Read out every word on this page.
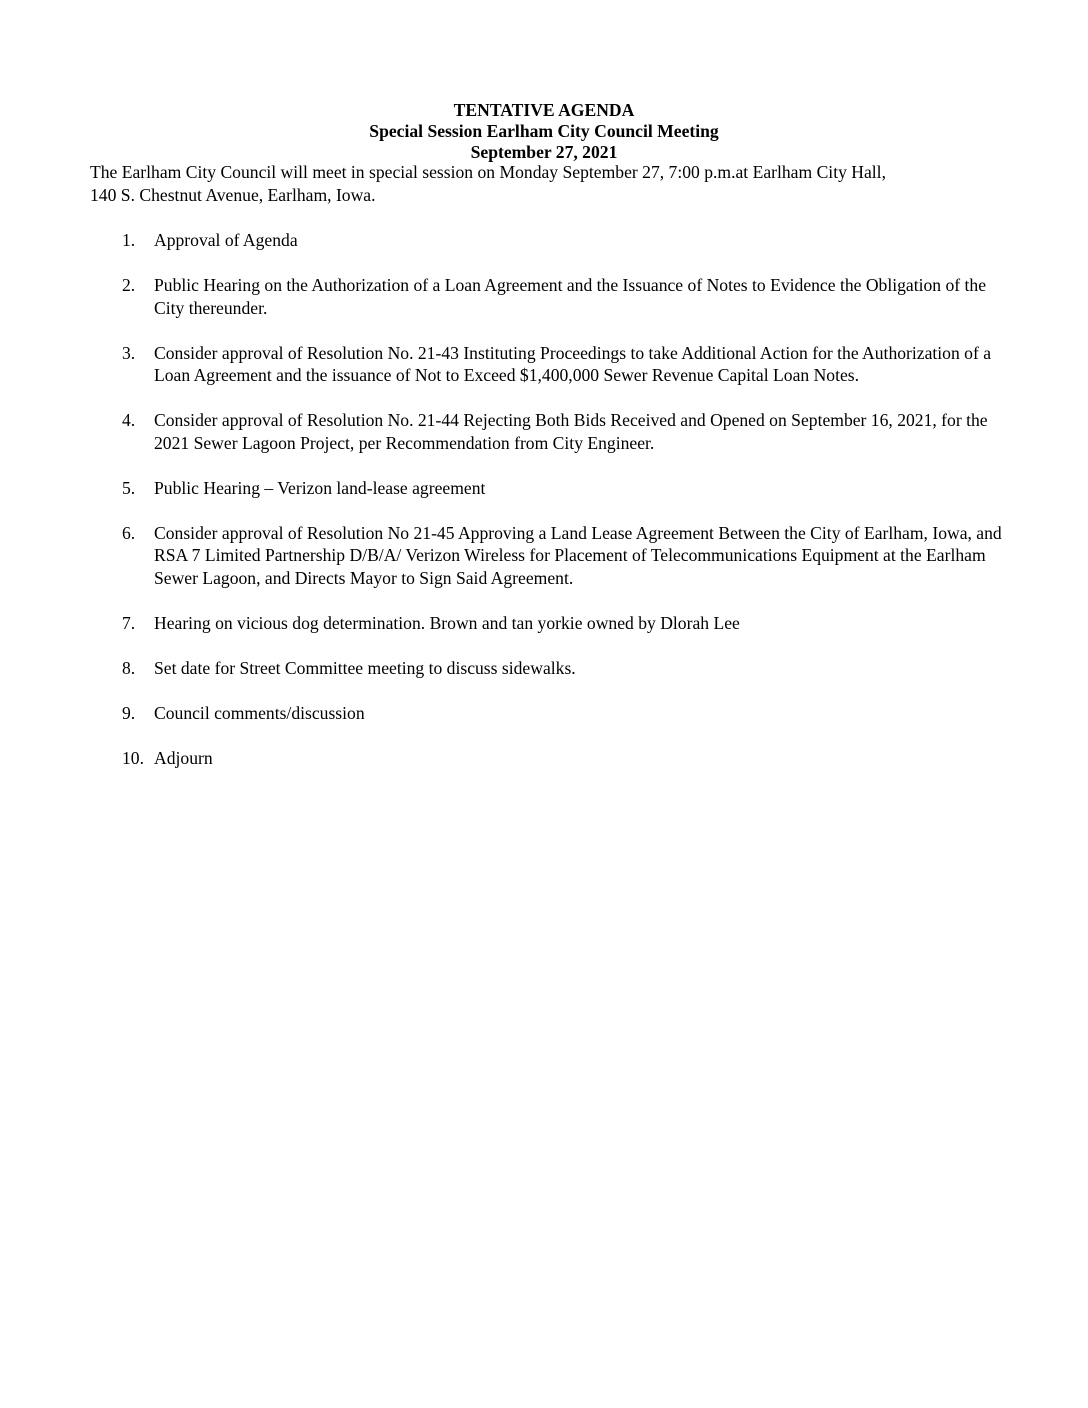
TENTATIVE AGENDA
Special Session Earlham City Council Meeting
September 27, 2021
The Earlham City Council will meet in special session on Monday September 27, 7:00 p.m.at Earlham City Hall,
140 S. Chestnut Avenue, Earlham, Iowa.
1. Approval of Agenda
2. Public Hearing on the Authorization of a Loan Agreement and the Issuance of Notes to Evidence the Obligation of the City thereunder.
3. Consider approval of Resolution No. 21-43 Instituting Proceedings to take Additional Action for the Authorization of a Loan Agreement and the issuance of Not to Exceed $1,400,000 Sewer Revenue Capital Loan Notes.
4. Consider approval of Resolution No. 21-44 Rejecting Both Bids Received and Opened on September 16, 2021, for the 2021 Sewer Lagoon Project, per Recommendation from City Engineer.
5. Public Hearing – Verizon land-lease agreement
6. Consider approval of Resolution No 21-45 Approving a Land Lease Agreement Between the City of Earlham, Iowa, and RSA 7 Limited Partnership D/B/A/ Verizon Wireless for Placement of Telecommunications Equipment at the Earlham Sewer Lagoon, and Directs Mayor to Sign Said Agreement.
7. Hearing on vicious dog determination. Brown and tan yorkie owned by Dlorah Lee
8. Set date for Street Committee meeting to discuss sidewalks.
9. Council comments/discussion
10. Adjourn
